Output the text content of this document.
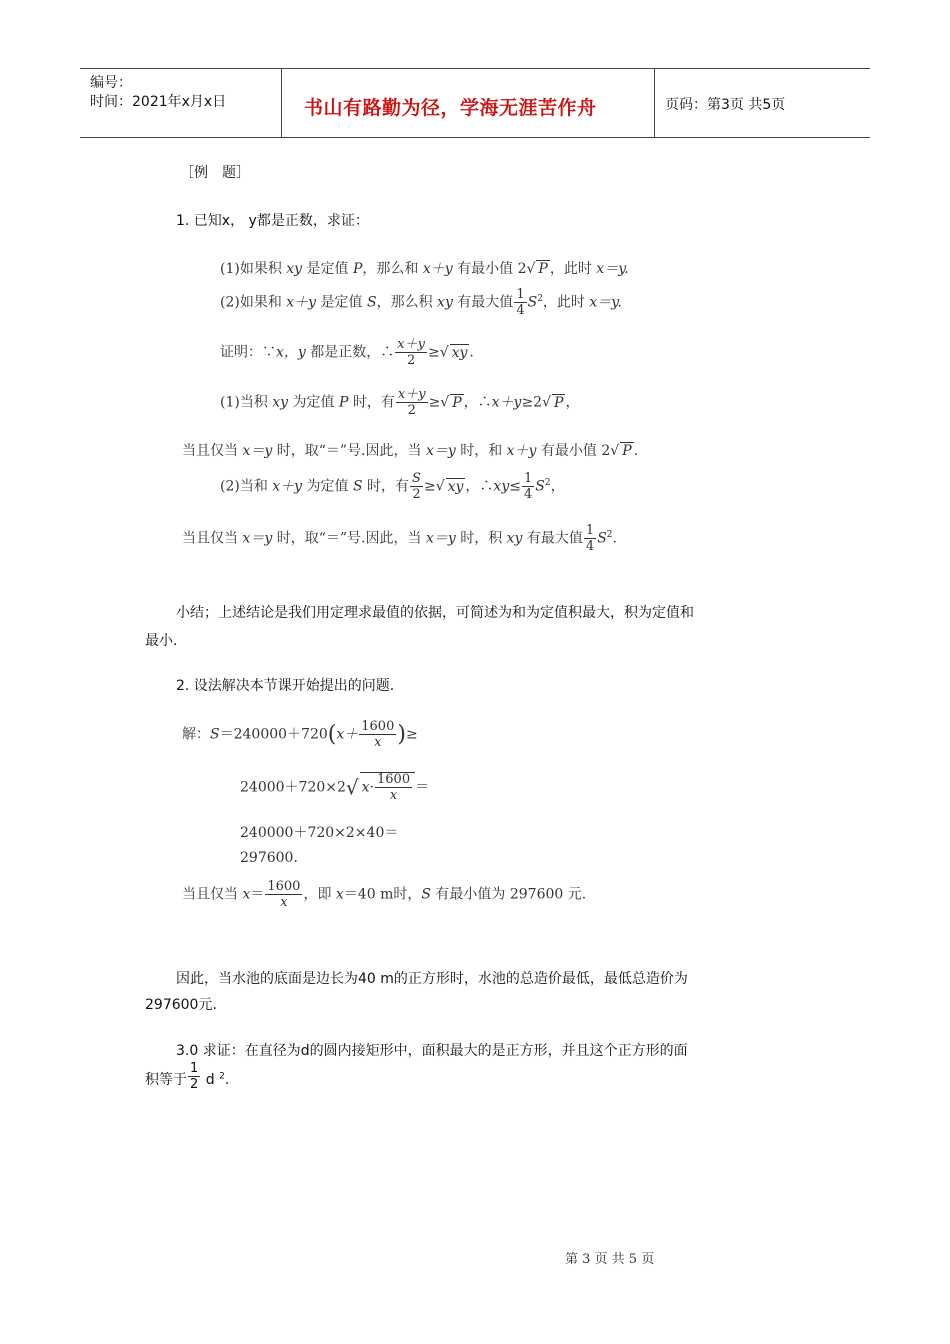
编号：
时间：2021年x月x日	书山有路勤为径，学海无涯苦作舟	页码：第3页 共5页
［例　题］
1. 已知x， y都是正数，求证：
(1)如果积 xy 是定值 P，那么和 x＋y 有最小值 2√ P ，此时 x＝y.
(2)如果和 x＋y 是定值 S，那么积 xy 有最大值 $\frac{1}{4} S^2$，此时 x＝y.
证明：∵x，y 都是正数，∴ $\frac{x+y}{2}$ ≥√ xy .
(1)当积 xy 为定值 P 时，有 $\frac{x+y}{2}$ ≥√ P ，∴x＋y≥2√ P ，
当且仅当 x＝y 时，取“＝”号.因此，当 x＝y 时，和 x＋y 有最小值 2√ P .
(2)当和 x＋y 为定值 S 时，有 $\frac{S}{2}$ ≥√ xy ，∴xy≤ $\frac{1}{4} S^2$，
当且仅当 x＝y 时，取“＝”号.因此，当 x＝y 时，积 xy 有最大值 $\frac{1}{4} S^2$.
小结；上述结论是我们用定理求最值的依据，可简述为和为定值积最大，积为定值和
最小.
2. 设法解决本节课开始提出的问题.
解：$S=240000+720(x+ \frac{1600}{x}$ )≥
24000＋720×2√ $x\cdot \frac{1600}{x}$ ＝
240000＋720×2×40＝
297600.
当且仅当 $x= \frac{1600}{x}$ ，即 x＝40 m时，S 有最小值为 297600 元.
因此，当水池的底面是边长为40 m的正方形时，水池的总造价最低，最低总造价为
297600元.
3.0 求证：在直径为d的圆内接矩形中，面积最大的是正方形，并且这个正方形的面
积等于 $\frac{1}{2}$ d $^2$.
第 3 页 共 5 页
